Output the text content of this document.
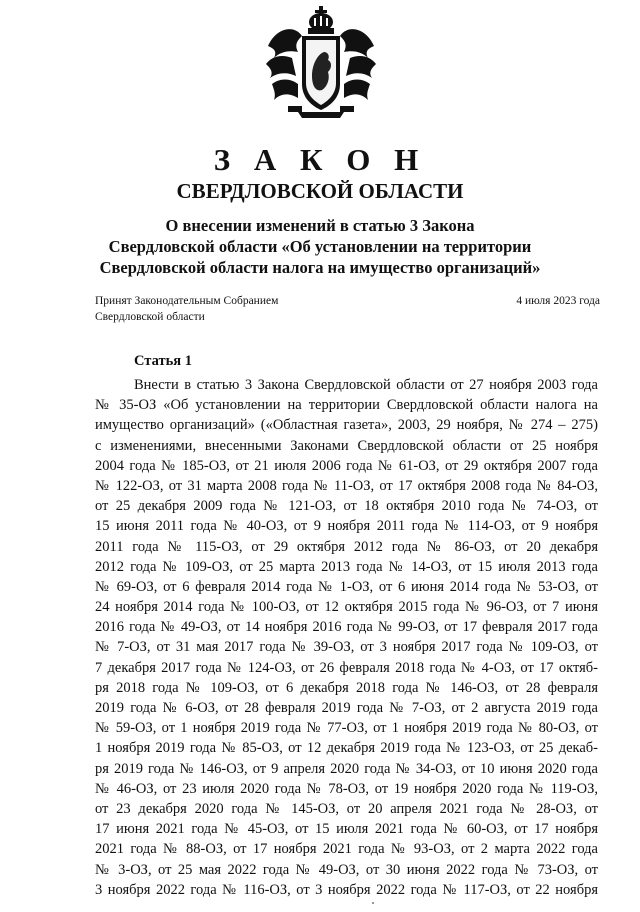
З А К О Н
СВЕРДЛОВСКОЙ ОБЛАСТИ
О внесении изменений в статью 3 Закона
Свердловской области «Об установлении на территории
Свердловской области налога на имущество организаций»
Принят Законодательным Собранием
Свердловской области
4 июля 2023 года
Статья 1
Внести в статью 3 Закона Свердловской области от 27 ноября 2003 года
№ 35-ОЗ «Об установлении на территории Свердловской области налога на
имущество организаций» («Областная газета», 2003, 29 ноября, № 274 – 275)
с изменениями, внесенными Законами Свердловской области от 25 ноября
2004 года № 185-ОЗ, от 21 июля 2006 года № 61-ОЗ, от 29 октября 2007 года
№ 122-ОЗ, от 31 марта 2008 года № 11-ОЗ, от 17 октября 2008 года № 84-ОЗ,
от 25 декабря 2009 года № 121-ОЗ, от 18 октября 2010 года № 74-ОЗ, от
15 июня 2011 года № 40-ОЗ, от 9 ноября 2011 года № 114-ОЗ, от 9 ноября
2011 года № 115-ОЗ, от 29 октября 2012 года № 86-ОЗ, от 20 декабря
2012 года № 109-ОЗ, от 25 марта 2013 года № 14-ОЗ, от 15 июля 2013 года
№ 69-ОЗ, от 6 февраля 2014 года № 1-ОЗ, от 6 июня 2014 года № 53-ОЗ, от
24 ноября 2014 года № 100-ОЗ, от 12 октября 2015 года № 96-ОЗ, от 7 июня
2016 года № 49-ОЗ, от 14 ноября 2016 года № 99-ОЗ, от 17 февраля 2017 года
№ 7-ОЗ, от 31 мая 2017 года № 39-ОЗ, от 3 ноября 2017 года № 109-ОЗ, от
7 декабря 2017 года № 124-ОЗ, от 26 февраля 2018 года № 4-ОЗ, от 17 октяб-
ря 2018 года № 109-ОЗ, от 6 декабря 2018 года № 146-ОЗ, от 28 февраля
2019 года № 6-ОЗ, от 28 февраля 2019 года № 7-ОЗ, от 2 августа 2019 года
№ 59-ОЗ, от 1 ноября 2019 года № 77-ОЗ, от 1 ноября 2019 года № 80-ОЗ, от
1 ноября 2019 года № 85-ОЗ, от 12 декабря 2019 года № 123-ОЗ, от 25 декаб-
ря 2019 года № 146-ОЗ, от 9 апреля 2020 года № 34-ОЗ, от 10 июня 2020 года
№ 46-ОЗ, от 23 июля 2020 года № 78-ОЗ, от 19 ноября 2020 года № 119-ОЗ,
от 23 декабря 2020 года № 145-ОЗ, от 20 апреля 2021 года № 28-ОЗ, от
17 июня 2021 года № 45-ОЗ, от 15 июля 2021 года № 60-ОЗ, от 17 ноября
2021 года № 88-ОЗ, от 17 ноября 2021 года № 93-ОЗ, от 2 марта 2022 года
№ 3-ОЗ, от 25 мая 2022 года № 49-ОЗ, от 30 июня 2022 года № 73-ОЗ, от
3 ноября 2022 года № 116-ОЗ, от 3 ноября 2022 года № 117-ОЗ, от 22 ноября
